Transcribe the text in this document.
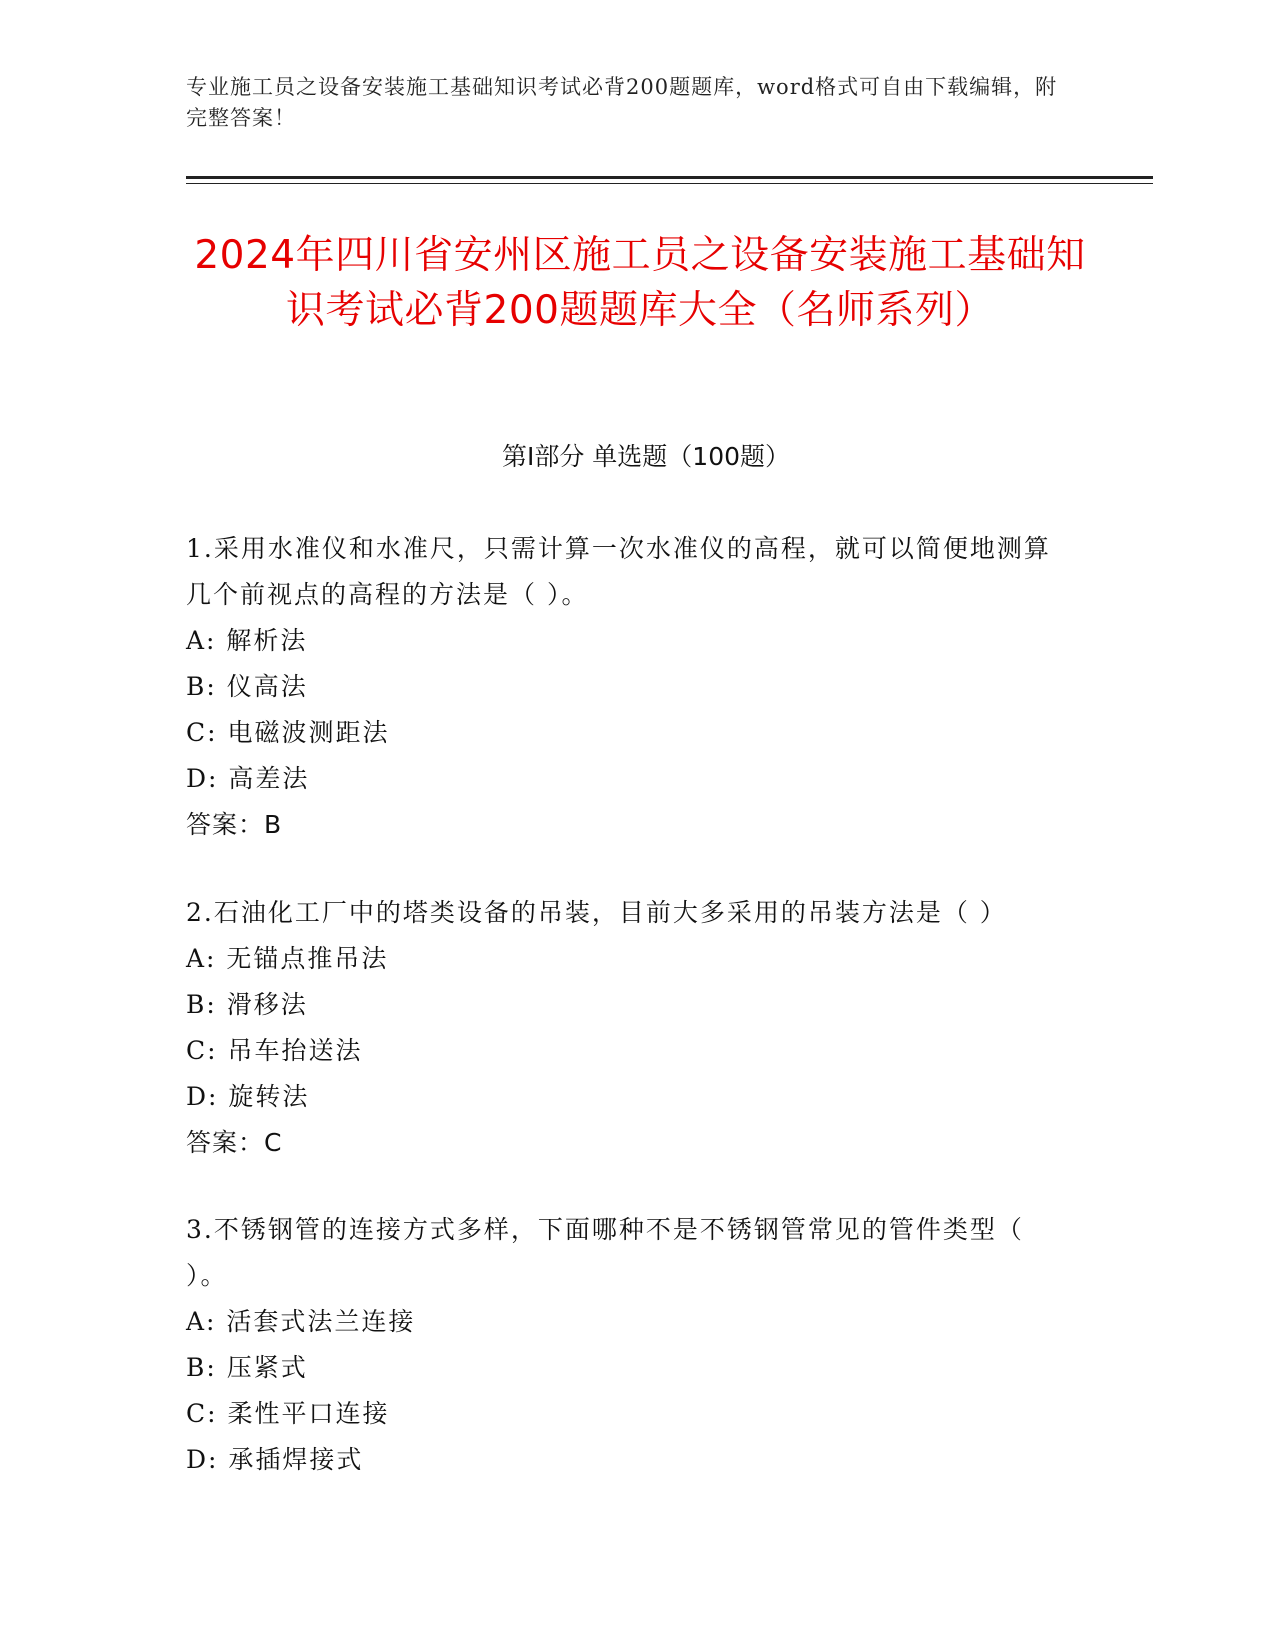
专业施工员之设备安装施工基础知识考试必背200题题库，word格式可自由下载编辑，附完整答案！
2024年四川省安州区施工员之设备安装施工基础知识考试必背200题题库大全（名师系列）
第I部分 单选题（100题）
1.采用水准仪和水准尺，只需计算一次水准仪的高程，就可以简便地测算几个前视点的高程的方法是（ ）。
A: 解析法
B: 仪高法
C: 电磁波测距法
D: 高差法
答案：B
2.石油化工厂中的塔类设备的吊装，目前大多采用的吊装方法是（ ）
A: 无锚点推吊法
B: 滑移法
C: 吊车抬送法
D: 旋转法
答案：C
3.不锈钢管的连接方式多样，下面哪种不是不锈钢管常见的管件类型（ ）。
A: 活套式法兰连接
B: 压紧式
C: 柔性平口连接
D: 承插焊接式
